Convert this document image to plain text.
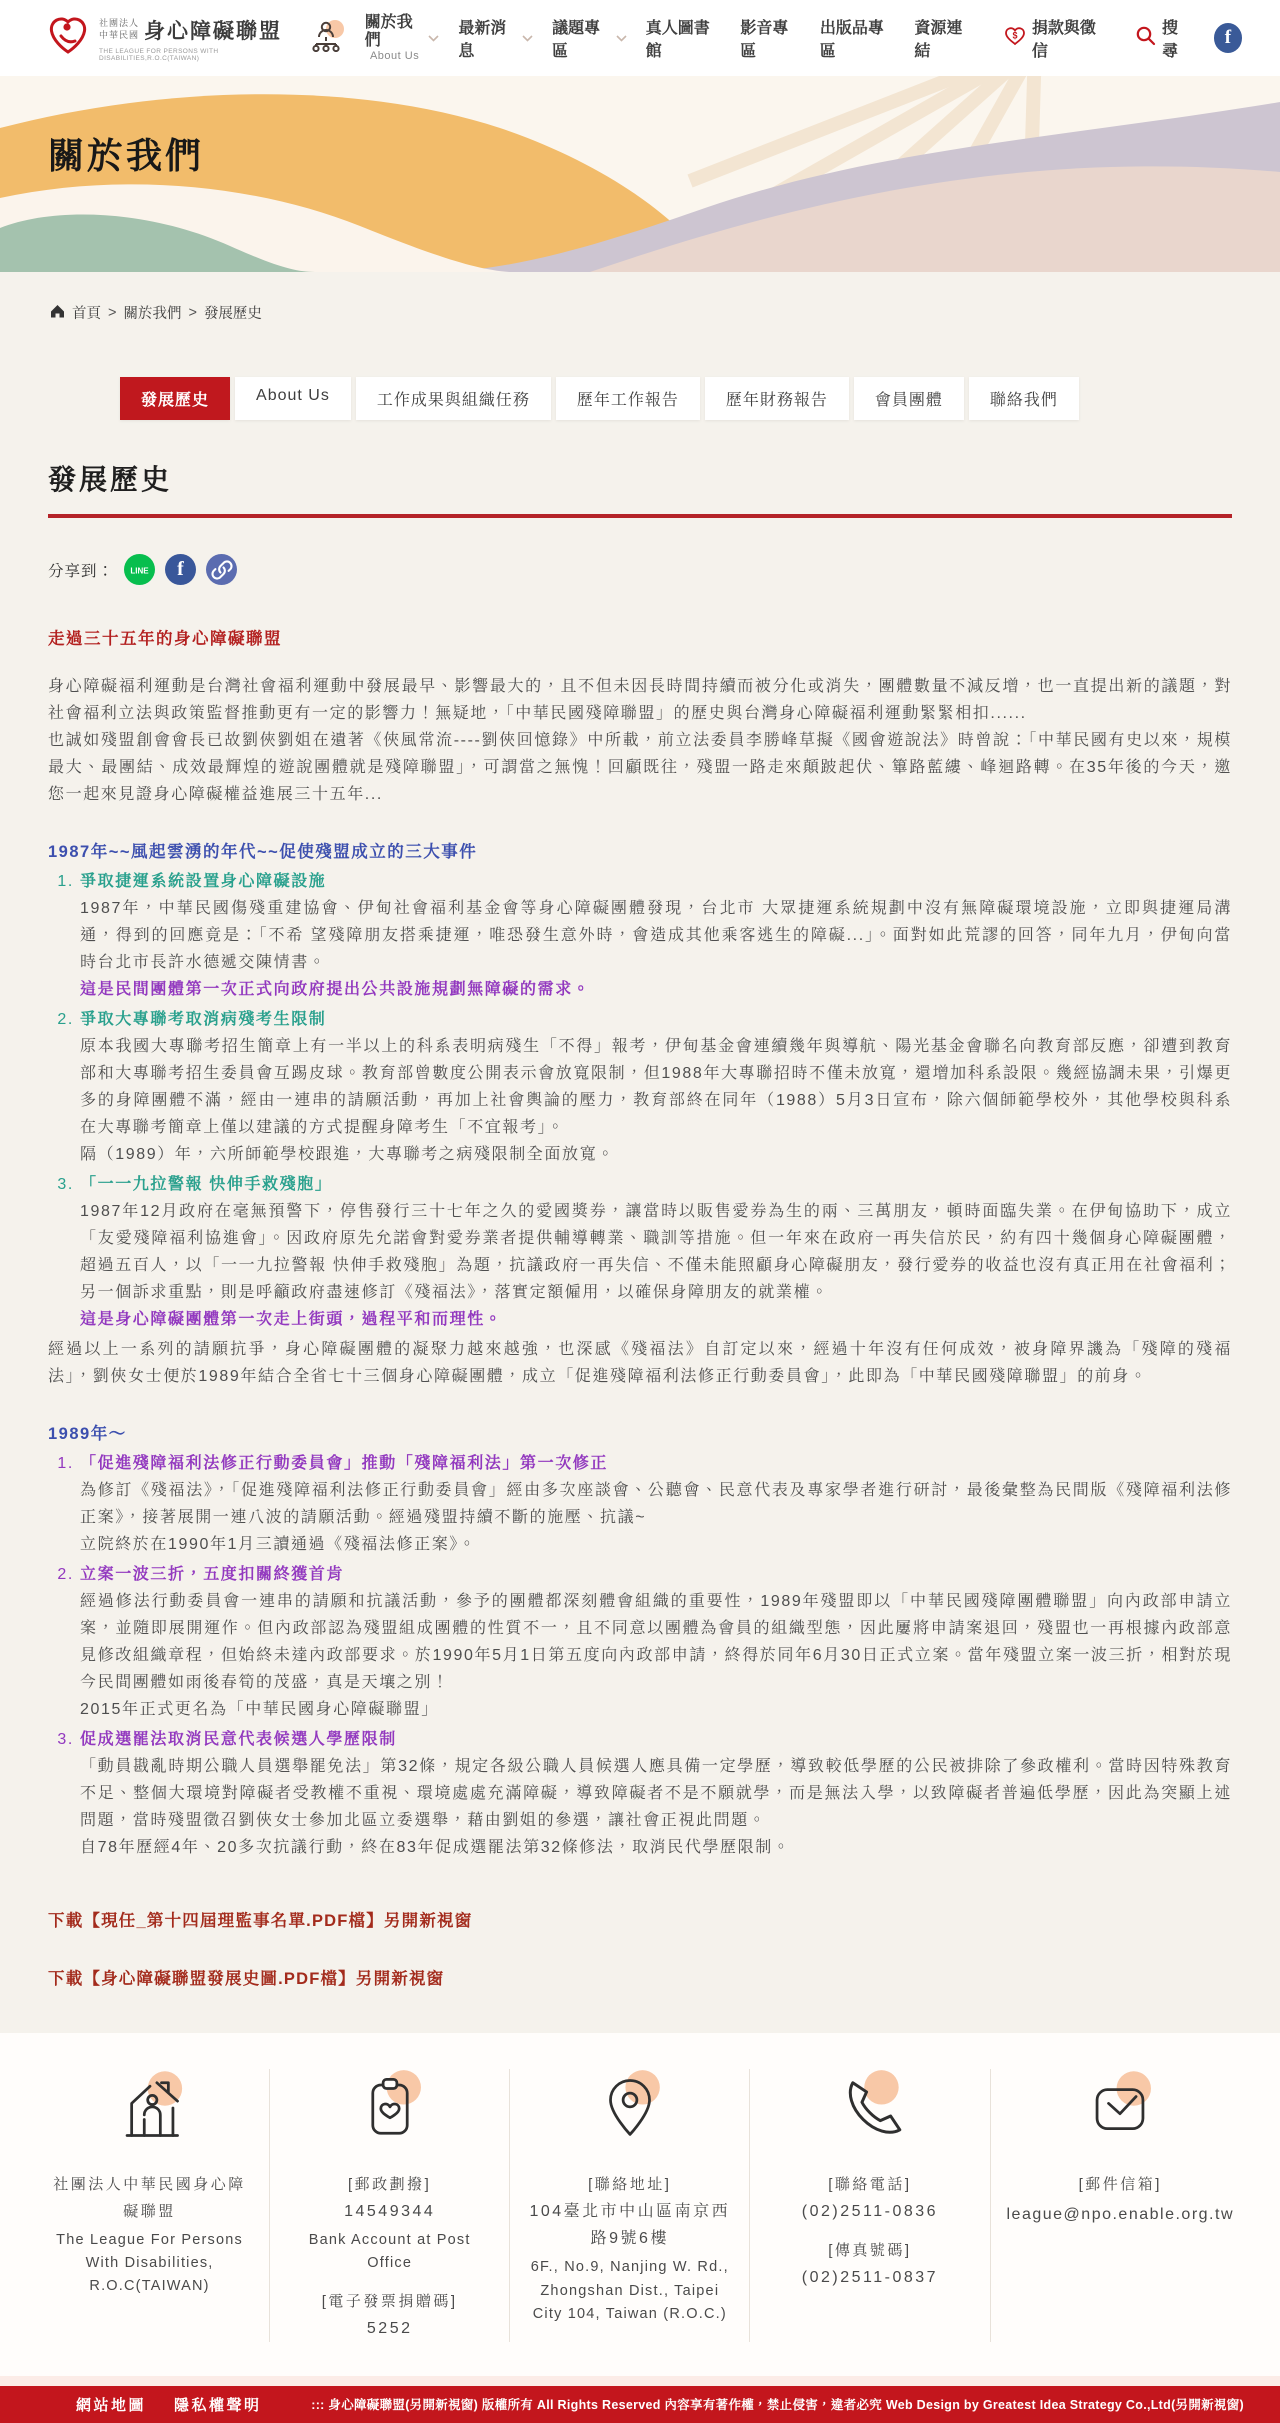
社團法人
中華民國 身心障礙聯盟
THE LEAGUE FOR PERSONS WITH DISABILITIES,R.O.C(TAIWAN)
關於我們
About Us
最新消息
議題專區
真人圖書館
影音專區
出版品專區
資源連結
$ 捐款與徵信
搜尋
f
關於我們
首頁 > 關於我們 > 發展歷史
發展歷史	About Us	工作成果與組織任務	歷年工作報告	歷年財務報告	會員團體	聯絡我們
發展歷史
分享到： LINE	f
走過三十五年的身心障礙聯盟

身心障礙福利運動是台灣社會福利運動中發展最早、影響最大的，且不但未因長時間持續而被分化或消失，團體數量不減反增，也一直提出新的議題，對社會福利立法與政策監督推動更有一定的影響力！無疑地，「中華民國殘障聯盟」的歷史與台灣身心障礙福利運動緊緊相扣......

也誠如殘盟創會會長已故劉俠劉姐在遺著《俠風常流----劉俠回憶錄》中所載，前立法委員李勝峰草擬《國會遊說法》時曾說：「中華民國有史以來，規模最大、最團結、成效最輝煌的遊說團體就是殘障聯盟」，可謂當之無愧！回顧既往，殘盟一路走來顛跛起伏、篳路藍縷、峰迴路轉。在35年後的今天，邀您一起來見證身心障礙權益進展三十五年...

1987年~~風起雲湧的年代~~促使殘盟成立的三大事件
1. 爭取捷運系統設置身心障礙設施
1987年，中華民國傷殘重建協會、伊甸社會福利基金會等身心障礙團體發現，台北市 大眾捷運系統規劃中沒有無障礙環境設施，立即與捷運局溝通，得到的回應竟是：「不希 望殘障朋友搭乘捷運，唯恐發生意外時，會造成其他乘客逃生的障礙...」。面對如此荒謬的回答，同年九月，伊甸向當時台北市長許水德遞交陳情書。
這是民間團體第一次正式向政府提出公共設施規劃無障礙的需求。
2. 爭取大專聯考取消病殘考生限制
原本我國大專聯考招生簡章上有一半以上的科系表明病殘生「不得」報考，伊甸基金會連續幾年與導航、陽光基金會聯名向教育部反應，卻遭到教育部和大專聯考招生委員會互踢皮球。教育部曾數度公開表示會放寬限制，但1988年大專聯招時不僅未放寬，還增加科系設限。幾經協調未果，引爆更多的身障團體不滿，經由一連串的請願活動，再加上社會輿論的壓力，教育部終在同年（1988）5月3日宣布，除六個師範學校外，其他學校與科系在大專聯考簡章上僅以建議的方式提醒身障考生「不宜報考」。
隔（1989）年，六所師範學校跟進，大專聯考之病殘限制全面放寬。
3. 「一一九拉警報 快伸手救殘胞」
1987年12月政府在毫無預警下，停售發行三十七年之久的愛國獎券，讓當時以販售愛券為生的兩、三萬朋友，頓時面臨失業。在伊甸協助下，成立「友愛殘障福利協進會」。因政府原先允諾會對愛券業者提供輔導轉業、職訓等措施。但一年來在政府一再失信於民，約有四十幾個身心障礙團體，超過五百人，以「一一九拉警報 快伸手救殘胞」為題，抗議政府一再失信、不僅未能照顧身心障礙朋友，發行愛券的收益也沒有真正用在社會福利；另一個訴求重點，則是呼籲政府盡速修訂《殘福法》，落實定額僱用，以確保身障朋友的就業權。
這是身心障礙團體第一次走上街頭，過程平和而理性。

經過以上一系列的請願抗爭，身心障礙團體的凝聚力越來越強，也深感《殘福法》自訂定以來，經過十年沒有任何成效，被身障界譏為「殘障的殘福法」，劉俠女士便於1989年結合全省七十三個身心障礙團體，成立「促進殘障福利法修正行動委員會」，此即為「中華民國殘障聯盟」的前身。

1989年～
1. 「促進殘障福利法修正行動委員會」推動「殘障福利法」第一次修正
為修訂《殘福法》，「促進殘障福利法修正行動委員會」經由多次座談會、公聽會、民意代表及專家學者進行研討，最後彙整為民間版《殘障福利法修正案》，接著展開一連八波的請願活動。經過殘盟持續不斷的施壓、抗議~
立院終於在1990年1月三讀通過《殘福法修正案》。
2. 立案一波三折，五度扣關終獲首肯
經過修法行動委員會一連串的請願和抗議活動，參予的團體都深刻體會組織的重要性，1989年殘盟即以「中華民國殘障團體聯盟」向內政部申請立案，並隨即展開運作。但內政部認為殘盟組成團體的性質不一，且不同意以團體為會員的組織型態，因此屢將申請案退回，殘盟也一再根據內政部意見修改組織章程，但始終未達內政部要求。於1990年5月1日第五度向內政部申請，終得於同年6月30日正式立案。當年殘盟立案一波三折，相對於現今民間團體如雨後春筍的茂盛，真是天壤之別！
2015年正式更名為「中華民國身心障礙聯盟」
3. 促成選罷法取消民意代表候選人學歷限制
「動員戡亂時期公職人員選舉罷免法」第32條，規定各級公職人員候選人應具備一定學歷，導致較低學歷的公民被排除了參政權利。當時因特殊教育不足、整個大環境對障礙者受教權不重視、環境處處充滿障礙，導致障礙者不是不願就學，而是無法入學，以致障礙者普遍低學歷，因此為突顯上述問題，當時殘盟徵召劉俠女士參加北區立委選舉，藉由劉姐的參選，讓社會正視此問題。
自78年歷經4年、20多次抗議行動，終在83年促成選罷法第32條修法，取消民代學歷限制。
下載【現任_第十四屆理監事名單.PDF檔】另開新視窗
下載【身心障礙聯盟發展史圖.PDF檔】另開新視窗
社團法人中華民國身心障礙聯盟
The League For Persons With Disabilities, R.O.C(TAIWAN)
[郵政劃撥]
14549344
Bank Account at Post Office
[電子發票捐贈碼]
5252
[聯絡地址]
104臺北市中山區南京西路9號6樓
6F., No.9, Nanjing W. Rd., Zhongshan Dist., Taipei City 104, Taiwan (R.O.C.)
[聯絡電話]
(02)2511-0836
[傳真號碼]
(02)2511-0837
[郵件信箱]
league@npo.enable.org.tw
網站地圖 隱私權聲明	::: 身心障礙聯盟(另開新視窗) 版權所有 All Rights Reserved 內容享有著作權，禁止侵害，違者必究 Web Design by Greatest Idea Strategy Co.,Ltd(另開新視窗)
